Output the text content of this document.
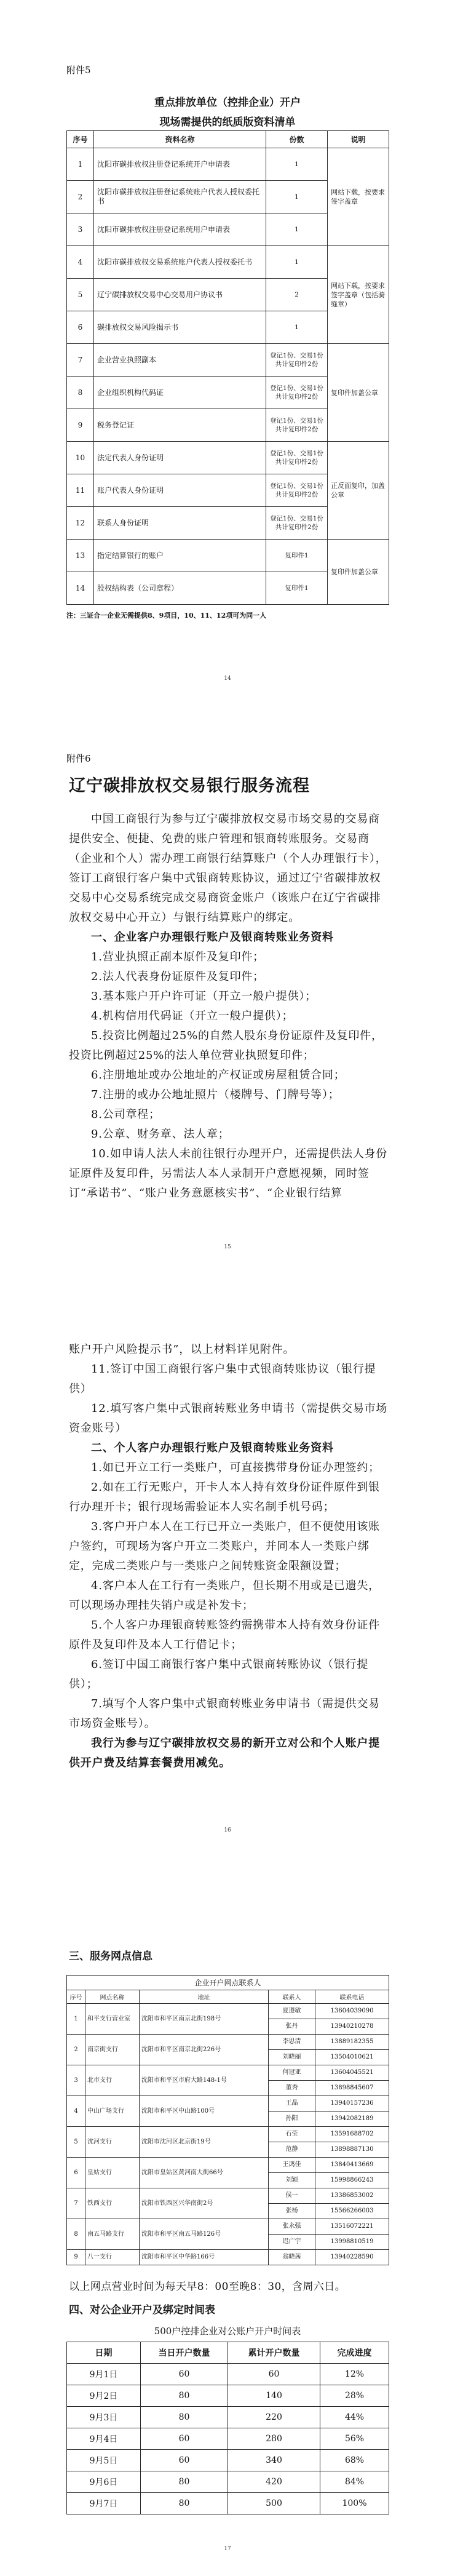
附件5
重点排放单位（控排企业）开户
现场需提供的纸质版资料清单
序号	资料名称	份数	说明
1	沈阳市碳排放权注册登记系统开户申请表	1	网站下载，按要求签字盖章
2	沈阳市碳排放权注册登记系统账户代表人授权委托书	1	
3	沈阳市碳排放权注册登记系统用户申请表	1	
4	沈阳市碳排放权交易系统账户代表人授权委托书	1	网站下载，按要求签字盖章（包括骑缝章）
5	辽宁碳排放权交易中心交易用户协议书	2	
6	碳排放权交易风险揭示书	1	
7	企业营业执照副本	登记1份、交易1份
共计复印件2份	复印件加盖公章
8	企业组织机构代码证	登记1份、交易1份
共计复印件2份	
9	税务登记证	登记1份、交易1份
共计复印件2份	
10	法定代表人身份证明	登记1份、交易1份
共计复印件2份	正反面复印，加盖公章
11	账户代表人身份证明	登记1份、交易1份
共计复印件2份	
12	联系人身份证明	登记1份、交易1份
共计复印件2份	
13	指定结算银行的账户	复印件1	复印件加盖公章
14	股权结构表（公司章程）	复印件1	
注：三证合一企业无需提供8、9项目，10、11、12项可为同一人
14
附件6
辽宁碳排放权交易银行服务流程

中国工商银行为参与辽宁碳排放权交易市场交易的交易商提供安全、便捷、免费的账户管理和银商转账服务。交易商（企业和个人）需办理工商银行结算账户（个人办理银行卡），签订工商银行客户集中式银商转账协议，通过辽宁省碳排放权交易中心交易系统完成交易商资金账户（该账户在辽宁省碳排放权交易中心开立）与银行结算账户的绑定。

一、企业客户办理银行账户及银商转账业务资料

1.营业执照正副本原件及复印件；

2.法人代表身份证原件及复印件；

3.基本账户开户许可证（开立一般户提供）；

4.机构信用代码证（开立一般户提供）；

5.投资比例超过25%的自然人股东身份证原件及复印件，投资比例超过25%的法人单位营业执照复印件；

6.注册地址或办公地址的产权证或房屋租赁合同；

7.注册的或办公地址照片（楼牌号、门牌号等）；

8.公司章程；

9.公章、财务章、法人章；

10.如申请人法人未前往银行办理开户，还需提供法人身份证原件及复印件，另需法人本人录制开户意愿视频，同时签订“承诺书”、“账户业务意愿核实书”、“企业银行结算

15

账户开户风险提示书”，以上材料详见附件。

11.签订中国工商银行客户集中式银商转账协议（银行提供）

12.填写客户集中式银商转账业务申请书（需提供交易市场资金账号）

二、个人客户办理银行账户及银商转账业务资料

1.如已开立工行一类账户，可直接携带身份证办理签约；

2.如在工行无账户，开卡人本人持有效身份证件原件到银行办理开卡；银行现场需验证本人实名制手机号码；

3.客户开户本人在工行已开立一类账户，但不便使用该账户签约，可现场为客户开立二类账户，并同本人一类账户绑定，完成二类账户与一类账户之间转账资金限额设置；

4.客户本人在工行有一类账户，但长期不用或是已遗失，可以现场办理挂失销户或是补发卡；

5.个人客户办理银商转账签约需携带本人持有效身份证件原件及复印件及本人工行借记卡；

6.签订中国工商银行客户集中式银商转账协议（银行提供）；

7.填写个人客户集中式银商转账业务申请书（需提供交易市场资金账号）。

我行为参与辽宁碳排放权交易的新开立对公和个人账户提供开户费及结算套餐费用减免。

16
三、服务网点信息
企业开户网点联系人				
序号	网点名称	地址	联系人	联系电话
1	和平支行营业室	沈阳市和平区南京北街198号	夏遵敏	13604039090
			张丹	13940210278
2	南京街支行	沈阳市和平区南京北街226号	李思清	13889182355
			刘晓丽	13504010621
3	北市支行	沈阳市和平区市府大路148-1号	何冠亚	13604045521
			董秀	13898845607
4	中山广场支行	沈阳市和平区中山路100号	王晶	13940157236
			孙阳	13942082189
5	沈河支行	沈阳市沈河区北京街19号	石莹	13591688702
			范静	13898887130
6	皇姑支行	沈阳市皇姑区黄河南大街66号	王鸿佳	13840413669
			刘颖	15998866243
7	铁西支行	沈阳市铁西区兴华南街2号	侯一	13386853002
			张杨	15566266003
8	南五马路支行	沈阳市和平区南五马路126号	张永强	13516072221
			迟广宇	13998810519
9	八一支行	沈阳市和平区中华路166号	翁晓茜	13940228590
以上网点营业时间为每天早8：00至晚8：30，含周六日。
四、对公企业开户及绑定时间表
500户控排企业对公账户开户时间表
日期	当日开户数量	累计开户数量	完成进度
9月1日	60	60	12%
9月2日	80	140	28%
9月3日	80	220	44%
9月4日	60	280	56%
9月5日	60	340	68%
9月6日	80	420	84%
9月7日	80	500	100%
17
